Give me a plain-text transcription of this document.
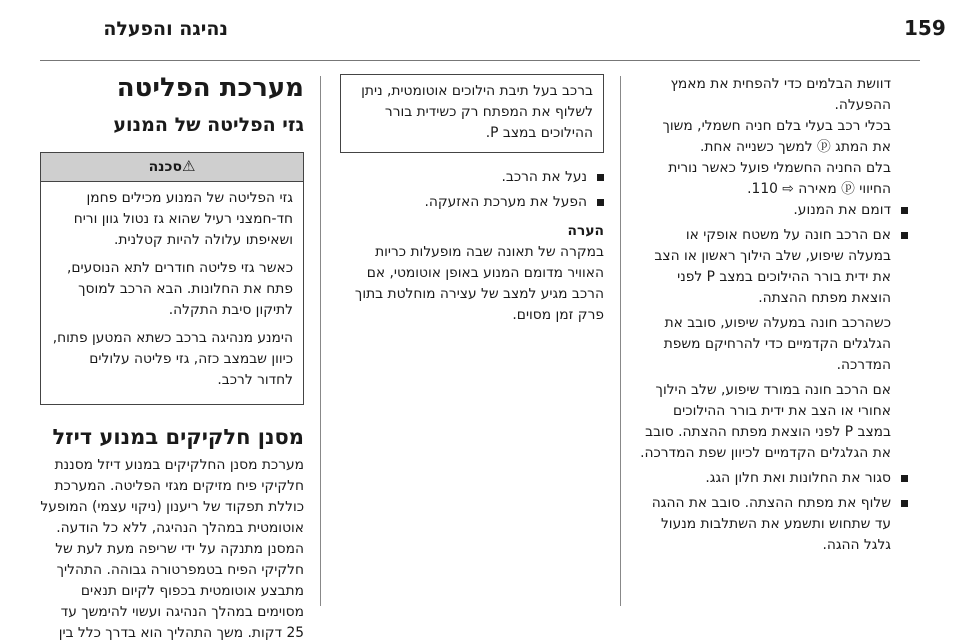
נהיגה והפעלה	159

דוושת הבלמים כדי להפחית את מאמץ ההפעלה.

בכלי רכב בעלי בלם חניה חשמלי, משוך את המתג ⓟ למשך כשנייה אחת.

בלם החניה החשמלי פועל כאשר נורית החיווי ⓟ מאירה ⇨ 110.

דומם את המנוע.
אם הרכב חונה על משטח אופקי או במעלה שיפוע, שלב הילוך ראשון או הצב את ידית בורר ההילוכים במצב P לפני הוצאת מפתח ההצתה.
כשהרכב חונה במעלה שיפוע, סובב את הגלגלים הקדמיים כדי להרחיקם משפת המדרכה.
אם הרכב חונה במורד שיפוע, שלב הילוך אחורי או הצב את ידית בורר ההילוכים במצב P לפני הוצאת מפתח ההצתה. סובב את הגלגלים הקדמיים לכיוון שפת המדרכה.
סגור את החלונות ואת חלון הגג.
שלוף את מפתח ההצתה. סובב את ההגה עד שתחוש ותשמע את השתלבות מנעול גלגל ההגה.

ברכב בעל תיבת הילוכים אוטומטית, ניתן לשלוף את המפתח רק כשידית בורר ההילוכים במצב P.

נעל את הרכב.
הפעל את מערכת האזעקה.
הערה

במקרה של תאונה שבה מופעלות כריות האוויר מדומם המנוע באופן אוטומטי, אם הרכב מגיע למצב של עצירה מוחלטת בתוך פרק זמן מסוים.

מערכת הפליטה
גזי הפליטה של המנוע
⚠סכנה

גזי הפליטה של המנוע מכילים פחמן חד-חמצני רעיל שהוא גז נטול גוון וריח ושאיפתו עלולה להיות קטלנית.

כאשר גזי פליטה חודרים לתא הנוסעים, פתח את החלונות. הבא הרכב למוסך לתיקון סיבת התקלה.

הימנע מנהיגה ברכב כשתא המטען פתוח, כיוון שבמצב כזה, גזי פליטה עלולים לחדור לרכב.

מסנן חלקיקים במנוע דיזל

מערכת מסנן החלקיקים במנוע דיזל מסננת חלקיקי פיח מזיקים מגזי הפליטה. המערכת כוללת תפקוד של ריענון (ניקוי עצמי) המופעל אוטומטית במהלך הנהיגה, ללא כל הודעה. המסנן מתנקה על ידי שריפה מעת לעת של חלקיקי הפיח בטמפרטורה גבוהה. התהליך מתבצע אוטומטית בכפוף לקיום תנאים מסוימים במהלך הנהיגה ועשוי להימשך עד 25 דקות. משך התהליך הוא בדרך כלל בין
